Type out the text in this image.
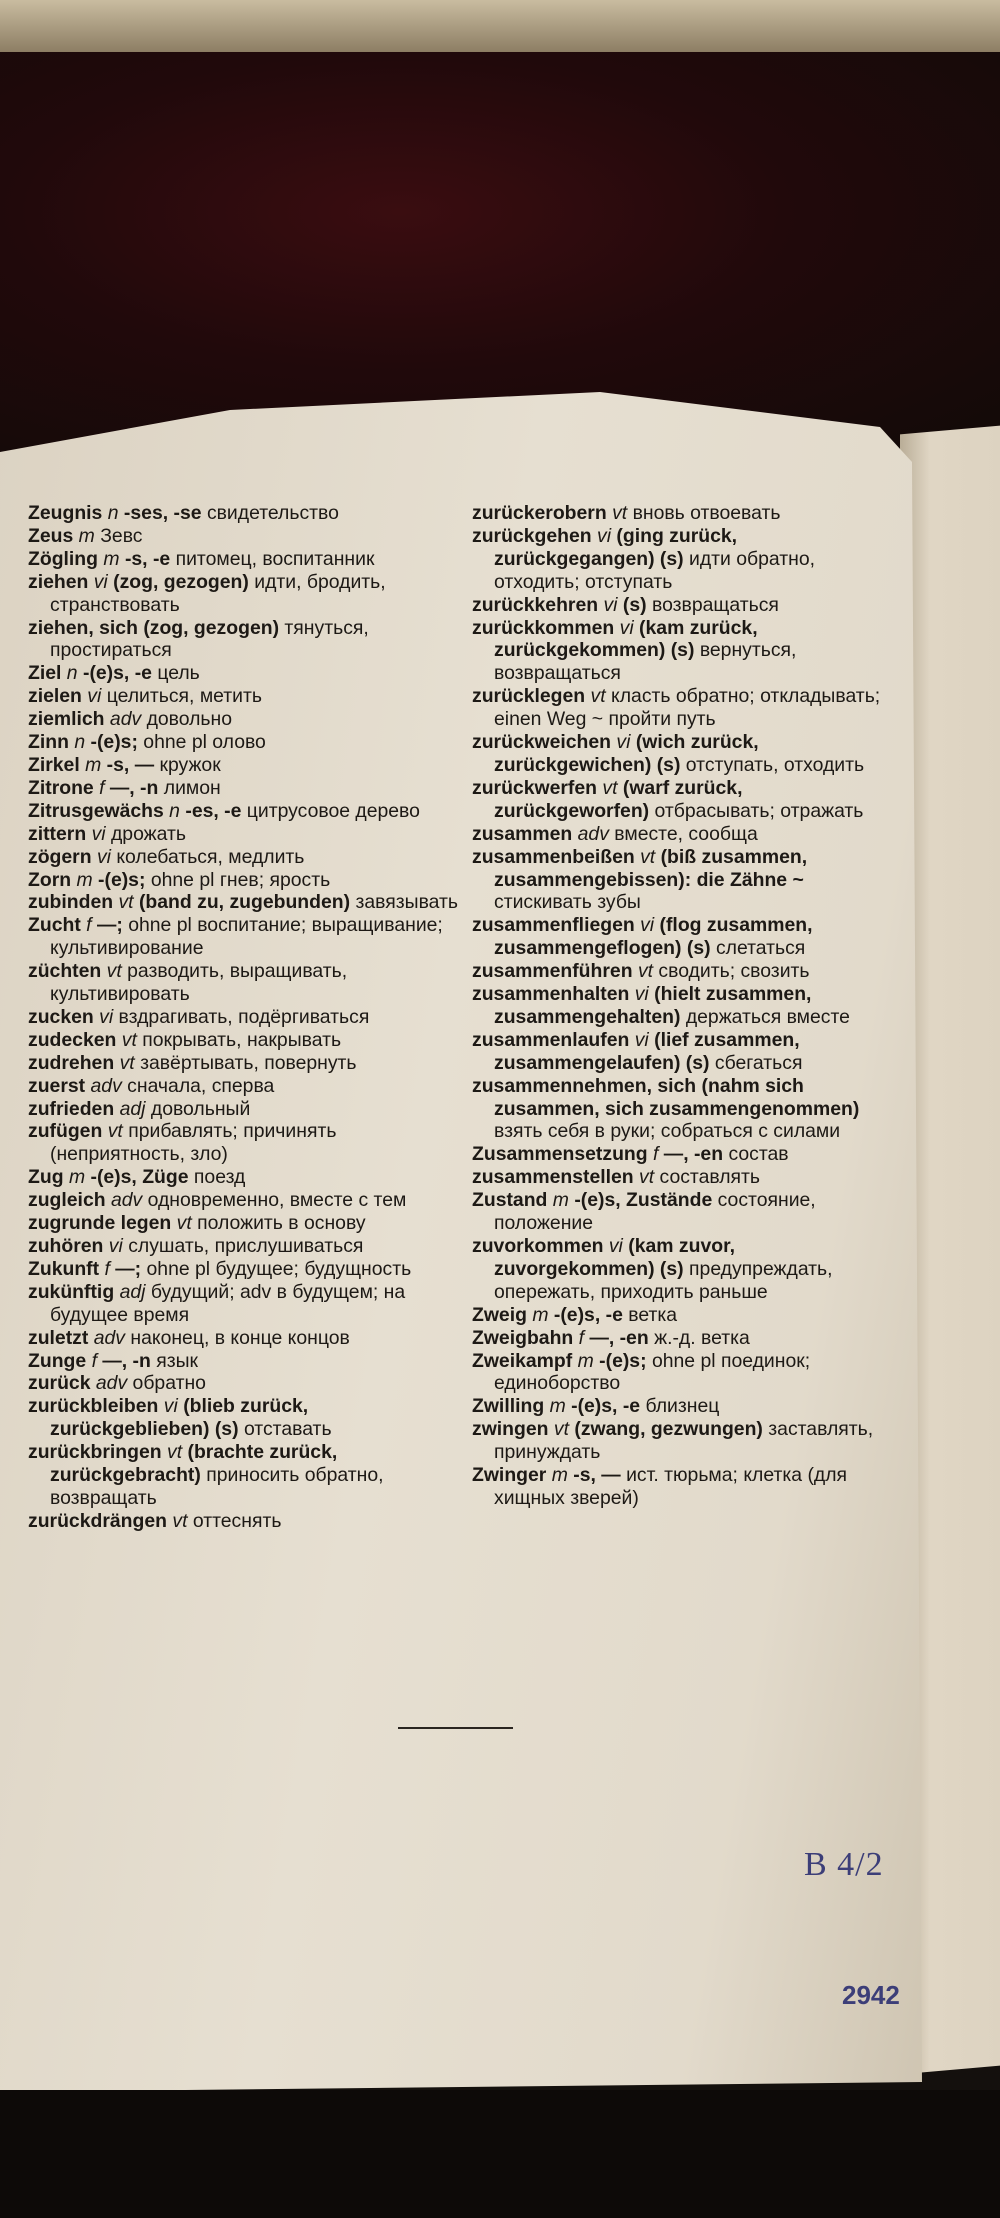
Zeugnis n -ses, -se свидетельство

Zeus m Зевс

Zögling m -s, -e питомец, воспитанник

ziehen vi (zog, gezogen) идти, бродить, странствовать

ziehen, sich (zog, gezogen) тянуться, простираться

Ziel n -(e)s, -e цель

zielen vi целиться, метить

ziemlich adv довольно

Zinn n -(e)s; ohne pl олово

Zirkel m -s, — кружок

Zitrone f —, -n лимон

Zitrusgewächs n -es, -e цитрусовое дерево

zittern vi дрожать

zögern vi колебаться, медлить

Zorn m -(e)s; ohne pl гнев; ярость

zubinden vt (band zu, zugebunden) завязывать

Zucht f —; ohne pl воспитание; выращивание; культивирование

züchten vt разводить, выращивать, культивировать

zucken vi вздрагивать, подёргиваться

zudecken vt покрывать, накрывать

zudrehen vt завёртывать, повернуть

zuerst adv сначала, сперва

zufrieden adj довольный

zufügen vt прибавлять; причинять (неприятность, зло)

Zug m -(e)s, Züge поезд

zugleich adv одновременно, вместе с тем

zugrunde legen vt положить в основу

zuhören vi слушать, прислушиваться

Zukunft f —; ohne pl будущее; будущность

zukünftig adj будущий; adv в будущем; на будущее время

zuletzt adv наконец, в конце концов

Zunge f —, -n язык

zurück adv обратно

zurückbleiben vi (blieb zurück, zurückgeblieben) (s) отставать

zurückbringen vt (brachte zurück, zurückgebracht) приносить обратно, возвращать

zurückdrängen vt оттеснять

zurückerobern vt вновь отвоевать

zurückgehen vi (ging zurück, zurückgegangen) (s) идти обратно, отходить; отступать

zurückkehren vi (s) возвращаться

zurückkommen vi (kam zurück, zurückgekommen) (s) вернуться, возвращаться

zurücklegen vt класть обратно; откладывать; einen Weg ~ пройти путь

zurückweichen vi (wich zurück, zurückgewichen) (s) отступать, отходить

zurückwerfen vt (warf zurück, zurückgeworfen) отбрасывать; отражать

zusammen adv вместе, сообща

zusammenbeißen vt (biß zusammen, zusammengebissen): die Zähne ~ стискивать зубы

zusammenfliegen vi (flog zusammen, zusammengeflogen) (s) слетаться

zusammenführen vt сводить; свозить

zusammenhalten vi (hielt zusammen, zusammengehalten) держаться вместе

zusammenlaufen vi (lief zusammen, zusammengelaufen) (s) сбегаться

zusammennehmen, sich (nahm sich zusammen, sich zusammengenommen) взять себя в руки; собраться с силами

Zusammensetzung f —, -en состав

zusammenstellen vt составлять

Zustand m -(e)s, Zustände состояние, положение

zuvorkommen vi (kam zuvor, zuvorgekommen) (s) предупреждать, опережать, приходить раньше

Zweig m -(e)s, -e ветка

Zweigbahn f —, -en ж.-д. ветка

Zweikampf m -(e)s; ohne pl поединок; единоборство

Zwilling m -(e)s, -e близнец

zwingen vt (zwang, gezwungen) заставлять, принуждать

Zwinger m -s, — ист. тюрьма; клетка (для хищных зверей)

В 4/2
2942
